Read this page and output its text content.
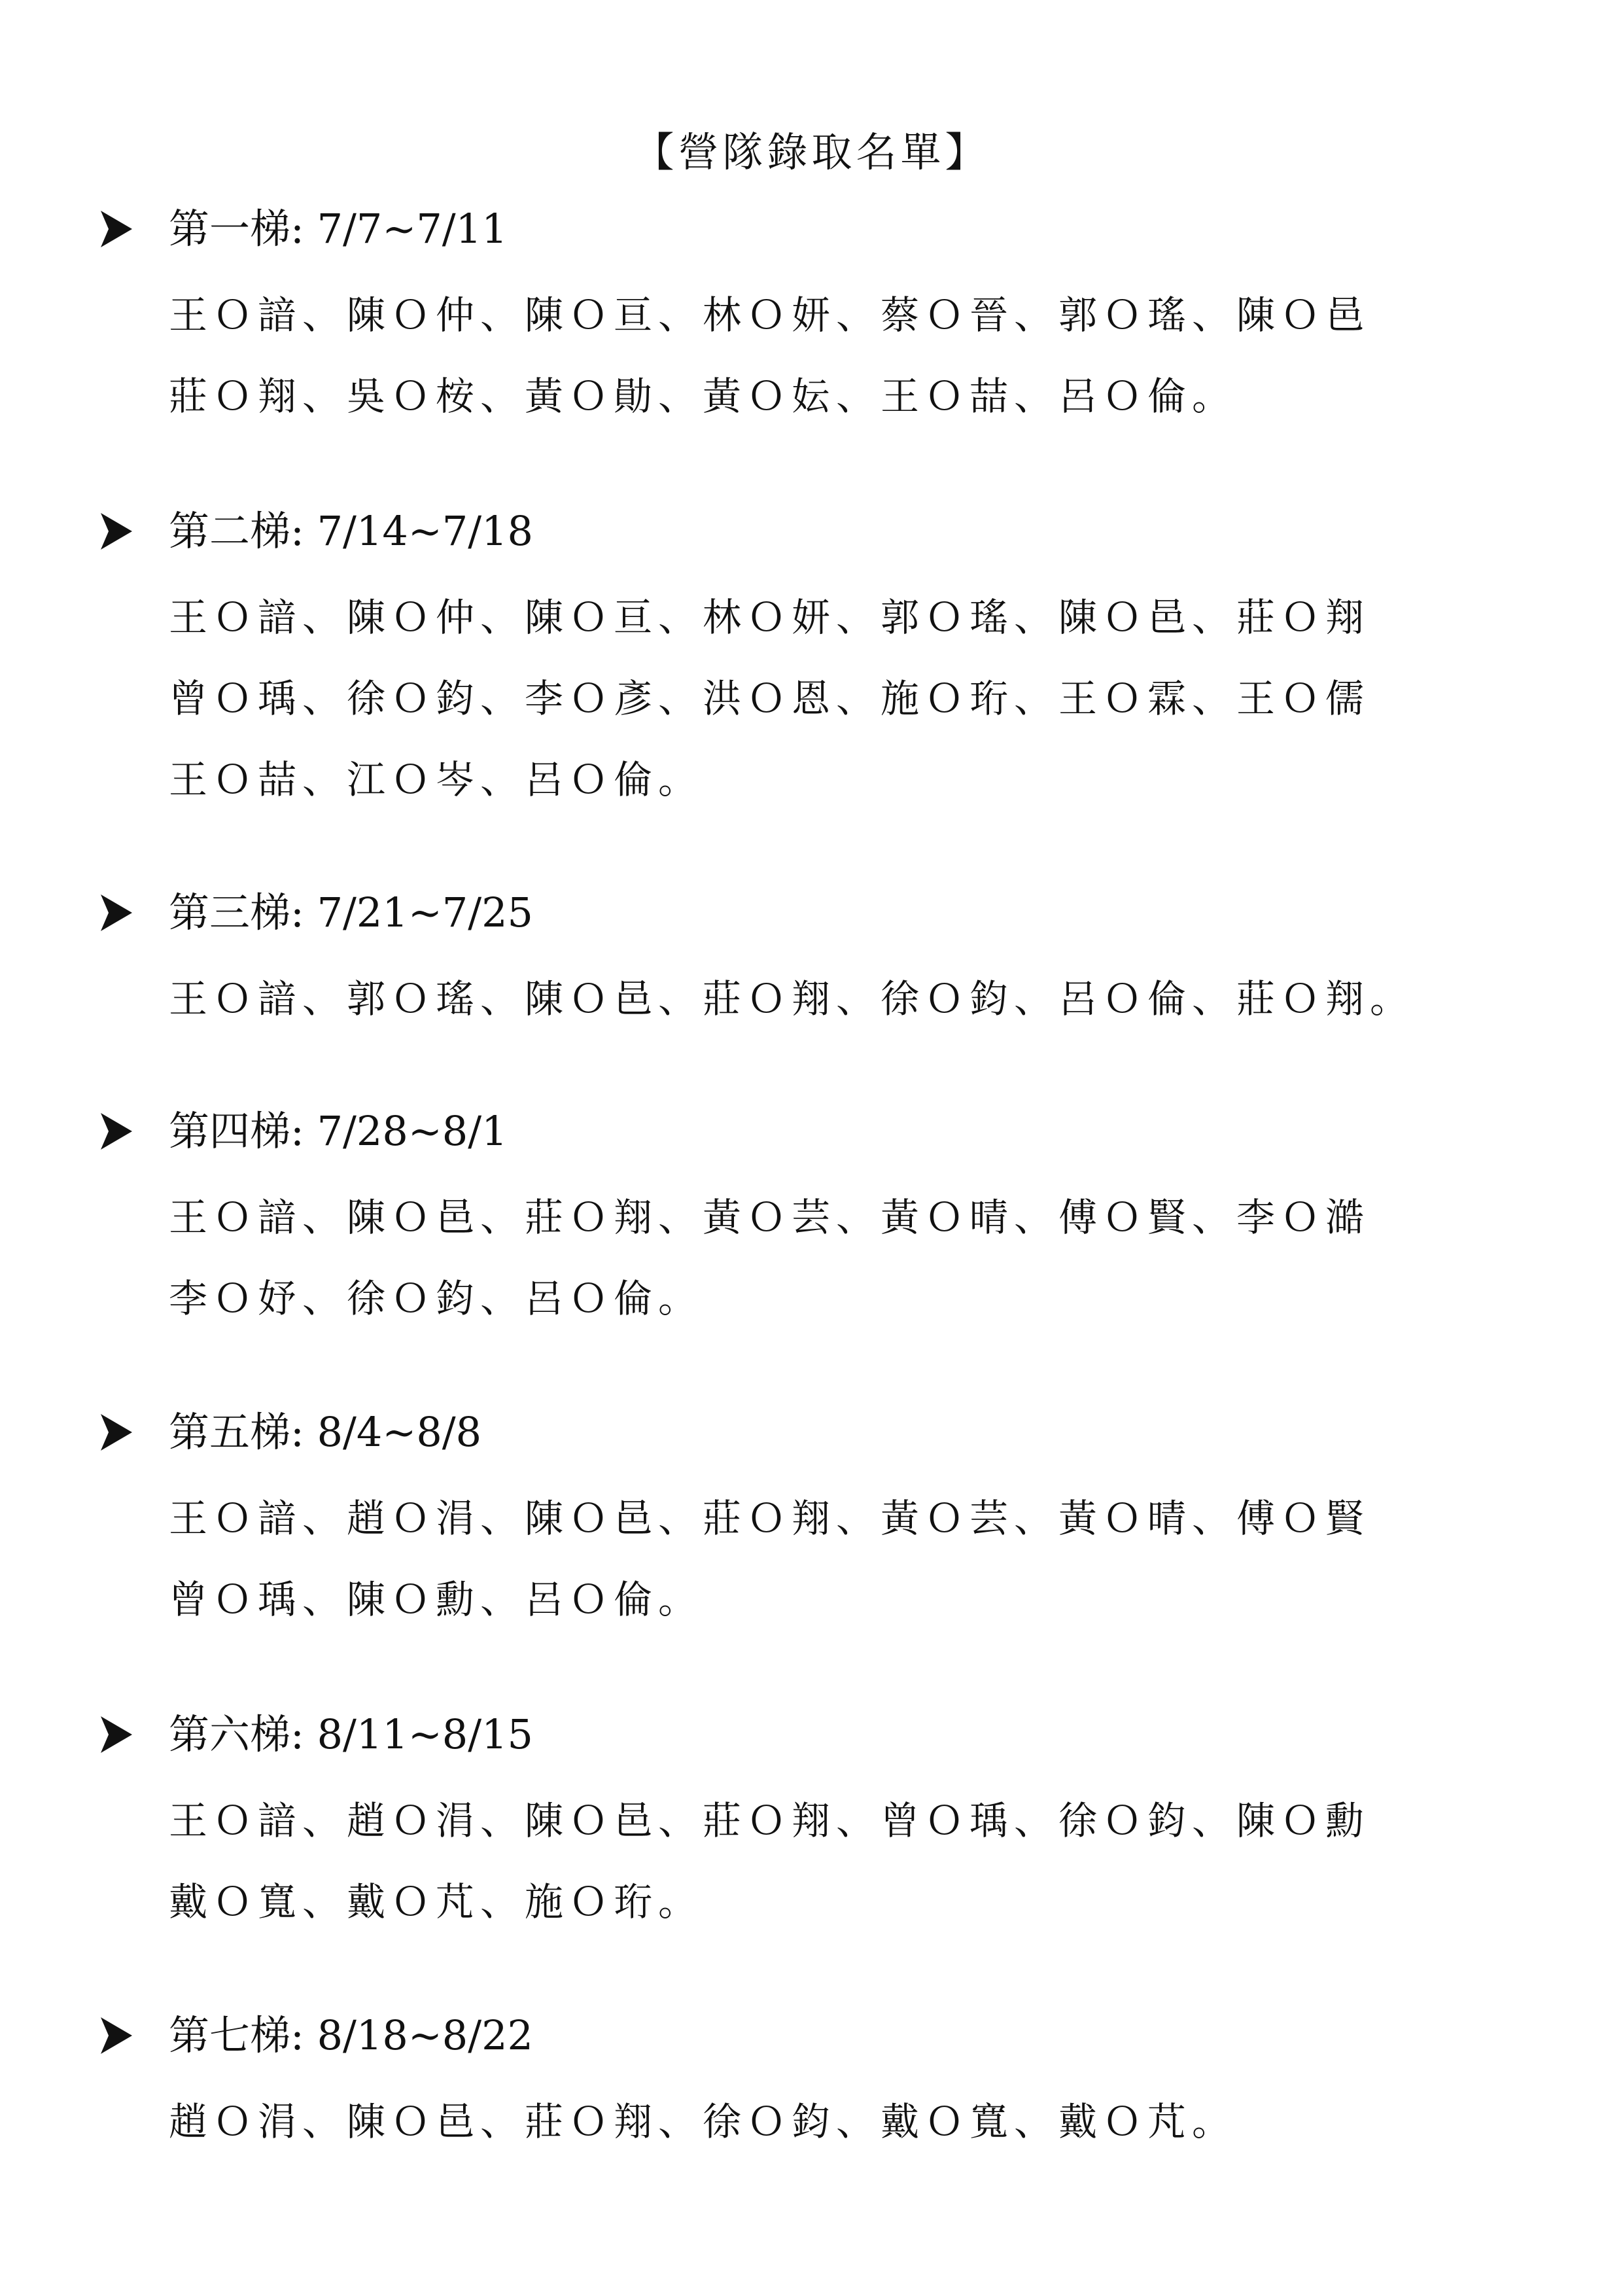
【營隊錄取名單】
第一梯: 7/7~7/11
王Ｏ諳、陳Ｏ仲、陳Ｏ亘、林Ｏ妍、蔡Ｏ晉、郭Ｏ瑤、陳Ｏ邑
莊Ｏ翔、吳Ｏ桉、黃Ｏ勛、黃Ｏ妘、王Ｏ喆、呂Ｏ倫。
第二梯: 7/14~7/18
王Ｏ諳、陳Ｏ仲、陳Ｏ亘、林Ｏ妍、郭Ｏ瑤、陳Ｏ邑、莊Ｏ翔
曾Ｏ瑀、徐Ｏ鈞、李Ｏ彥、洪Ｏ恩、施Ｏ珩、王Ｏ霖、王Ｏ儒
王Ｏ喆、江Ｏ岑、呂Ｏ倫。
第三梯: 7/21~7/25
王Ｏ諳、郭Ｏ瑤、陳Ｏ邑、莊Ｏ翔、徐Ｏ鈞、呂Ｏ倫、莊Ｏ翔。
第四梯: 7/28~8/1
王Ｏ諳、陳Ｏ邑、莊Ｏ翔、黃Ｏ芸、黃Ｏ晴、傅Ｏ賢、李Ｏ澔
李Ｏ妤、徐Ｏ鈞、呂Ｏ倫。
第五梯: 8/4~8/8
王Ｏ諳、趙Ｏ涓、陳Ｏ邑、莊Ｏ翔、黃Ｏ芸、黃Ｏ晴、傅Ｏ賢
曾Ｏ瑀、陳Ｏ勳、呂Ｏ倫。
第六梯: 8/11~8/15
王Ｏ諳、趙Ｏ涓、陳Ｏ邑、莊Ｏ翔、曾Ｏ瑀、徐Ｏ鈞、陳Ｏ勳
戴Ｏ寬、戴Ｏ芃、施Ｏ珩。
第七梯: 8/18~8/22
趙Ｏ涓、陳Ｏ邑、莊Ｏ翔、徐Ｏ鈞、戴Ｏ寬、戴Ｏ芃。
